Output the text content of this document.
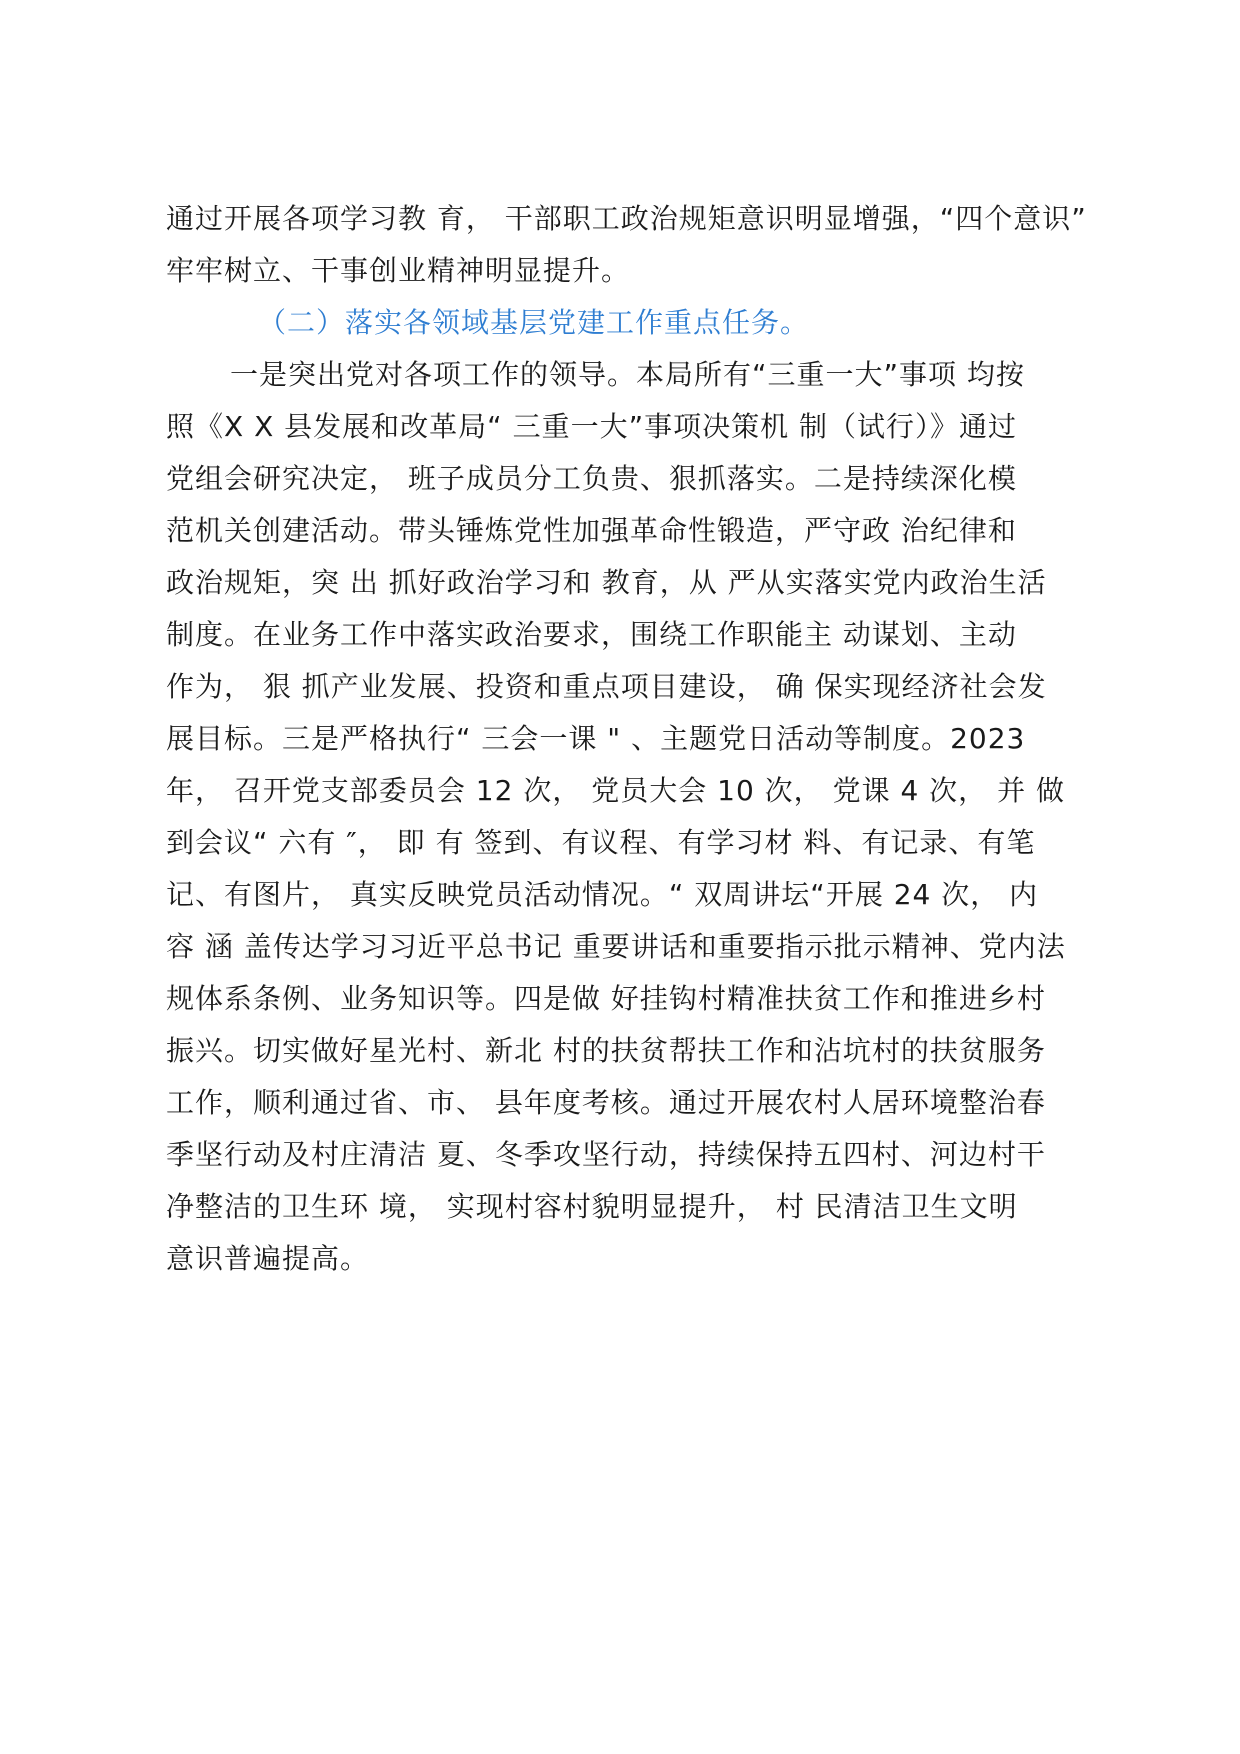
通过开展各项学习教 育， 干部职工政治规矩意识明显增强，“四个意识”
牢牢树立、干事创业精神明显提升。
（二）落实各领域基层党建工作重点任务。
一是突出党对各项工作的领导。本局所有“三重一大”事项 均按
照《X X 县发展和改革局“ 三重一大”事项决策机 制（试行）》通过
党组会研究决定， 班子成员分工负贵、狠抓落实。二是持续深化模
范机关创建活动。带头锤炼党性加强革命性锻造，严守政 治纪律和
政治规矩，突 出 抓好政治学习和 教育，从 严从实落实党内政治生活
制度。在业务工作中落实政治要求，围绕工作职能主 动谋划、主动
作为， 狠 抓产业发展、投资和重点项目建设， 确 保实现经济社会发
展目标。三是严格执行“ 三会一课 " 、主题党日活动等制度。2023
年， 召开党支部委员会 12 次， 党员大会 10 次， 党课 4 次， 并 做
到会议“ 六有 ″， 即 有 签到、有议程、有学习材 料、有记录、有笔
记、有图片， 真实反映党员活动情况。“ 双周讲坛“开展 24 次， 内
容 涵 盖传达学习习近平总书记 重要讲话和重要指示批示精神、党内法
规体系条例、业务知识等。四是做 好挂钩村精准扶贫工作和推进乡村
振兴。切实做好星光村、新北 村的扶贫帮扶工作和沾坑村的扶贫服务
工作，顺利通过省、市、 县年度考核。通过开展农村人居环境整治春
季坚行动及村庄清洁 夏、冬季攻坚行动，持续保持五四村、河边村干
净整洁的卫生环 境， 实现村容村貌明显提升， 村 民清洁卫生文明
意识普遍提高。
